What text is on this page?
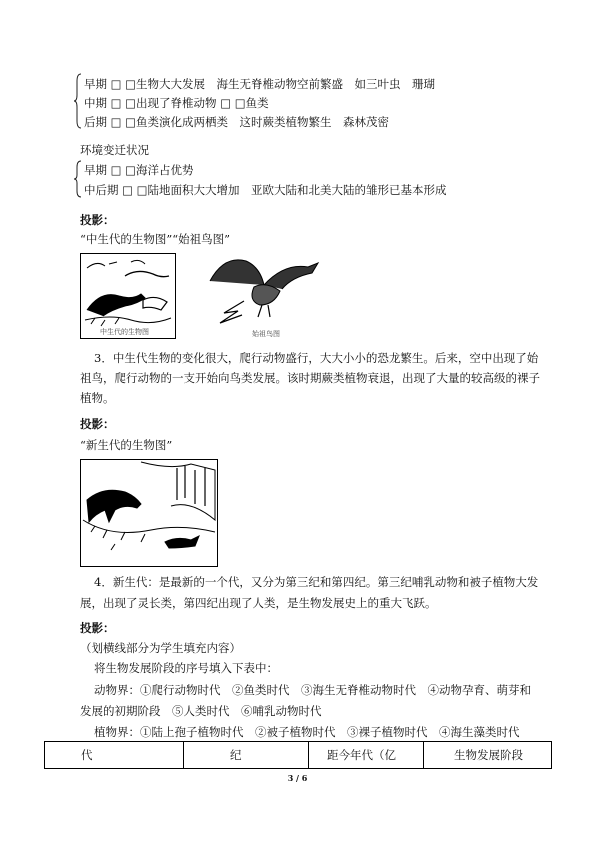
早期 □ □生物大大发展　海生无脊椎动物空前繁盛　如三叶虫　珊瑚
中期 □ □出现了脊椎动物 □ □鱼类
后期 □ □鱼类演化成两栖类　这时蕨类植物繁生　森林茂密
环境变迁状况
早期 □ □海洋占优势
中后期 □ □陆地面积大大增加　亚欧大陆和北美大陆的雏形已基本形成
投影：
“中生代的生物图”“始祖鸟图”
中生代的生物图	始祖鸟图
3．中生代生物的变化很大，爬行动物盛行，大大小小的恐龙繁生。后来，空中出现了始
祖鸟，爬行动物的一支开始向鸟类发展。该时期蕨类植物衰退，出现了大量的较高级的裸子
植物。
投影：
“新生代的生物图”
4．新生代：是最新的一个代，又分为第三纪和第四纪。第三纪哺乳动物和被子植物大发
展，出现了灵长类，第四纪出现了人类，是生物发展史上的重大飞跃。
投影：
（划横线部分为学生填充内容）
将生物发展阶段的序号填入下表中：
动物界：①爬行动物时代　②鱼类时代　③海生无脊椎动物时代　④动物孕育、萌芽和
发展的初期阶段　⑤人类时代　⑥哺乳动物时代
植物界：①陆上孢子植物时代　②被子植物时代　③裸子植物时代　④海生藻类时代
代	纪	距今年代（亿	生物发展阶段
3 / 6
